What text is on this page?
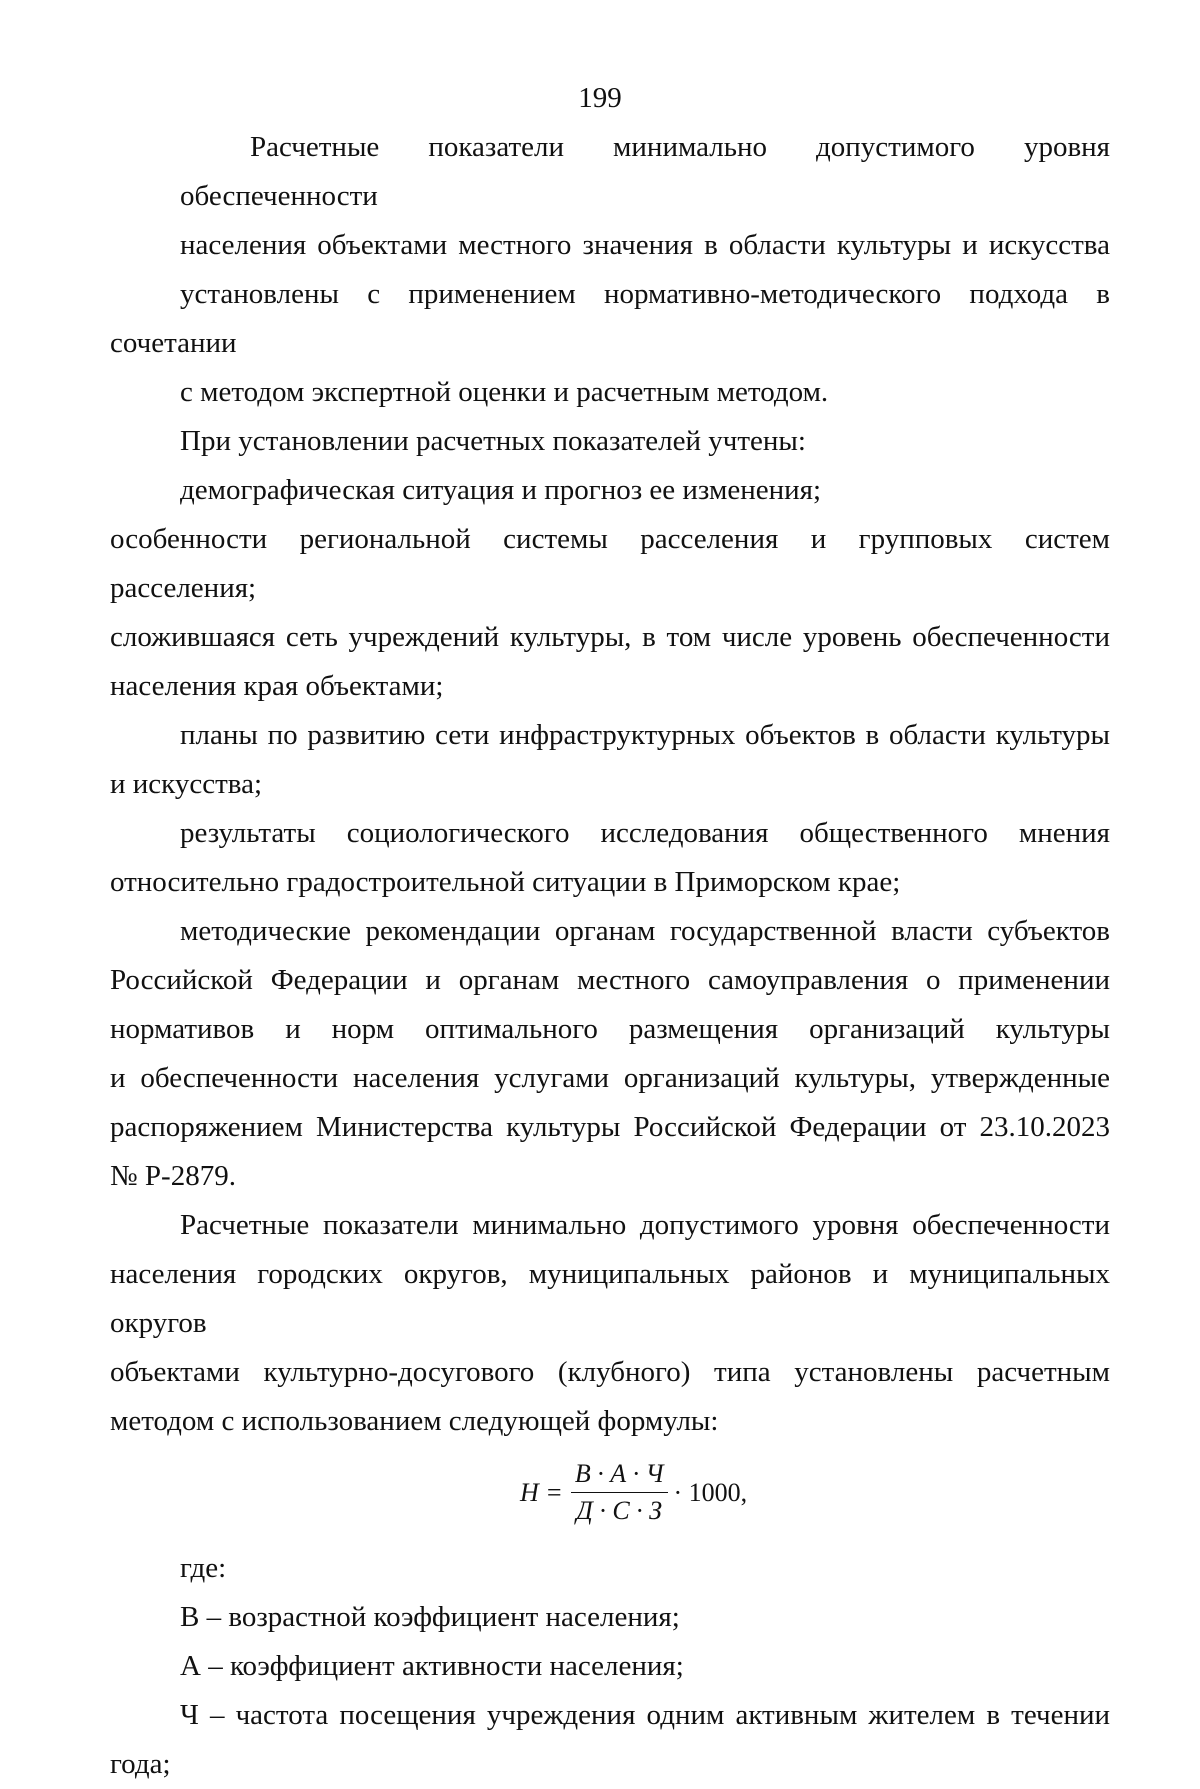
199
Расчетные показатели минимально допустимого уровня обеспеченности
населения объектами местного значения в области культуры и искусства
установлены с применением нормативно-методического подхода в сочетании
с методом экспертной оценки и расчетным методом.
При установлении расчетных показателей учтены:
демографическая ситуация и прогноз ее изменения;
особенности региональной системы расселения и групповых систем расселения;
сложившаяся сеть учреждений культуры, в том числе уровень обеспеченности
населения края объектами;
планы по развитию сети инфраструктурных объектов в области культуры
и искусства;
результаты социологического исследования общественного мнения
относительно градостроительной ситуации в Приморском крае;
методические рекомендации органам государственной власти субъектов
Российской Федерации и органам местного самоуправления о применении
нормативов и норм оптимального размещения организаций культуры
и обеспеченности населения услугами организаций культуры, утвержденные
распоряжением Министерства культуры Российской Федерации от 23.10.2023
№ Р-2879.
Расчетные показатели минимально допустимого уровня обеспеченности
населения городских округов, муниципальных районов и муниципальных округов
объектами культурно-досугового (клубного) типа установлены расчетным
методом с использованием следующей формулы:
$Н = \frac{В \cdot А \cdot Ч}{Д \cdot С \cdot З} \cdot 1000$,
где:
В – возрастной коэффициент населения;
А – коэффициент активности населения;
Ч – частота посещения учреждения одним активным жителем в течении
года;
